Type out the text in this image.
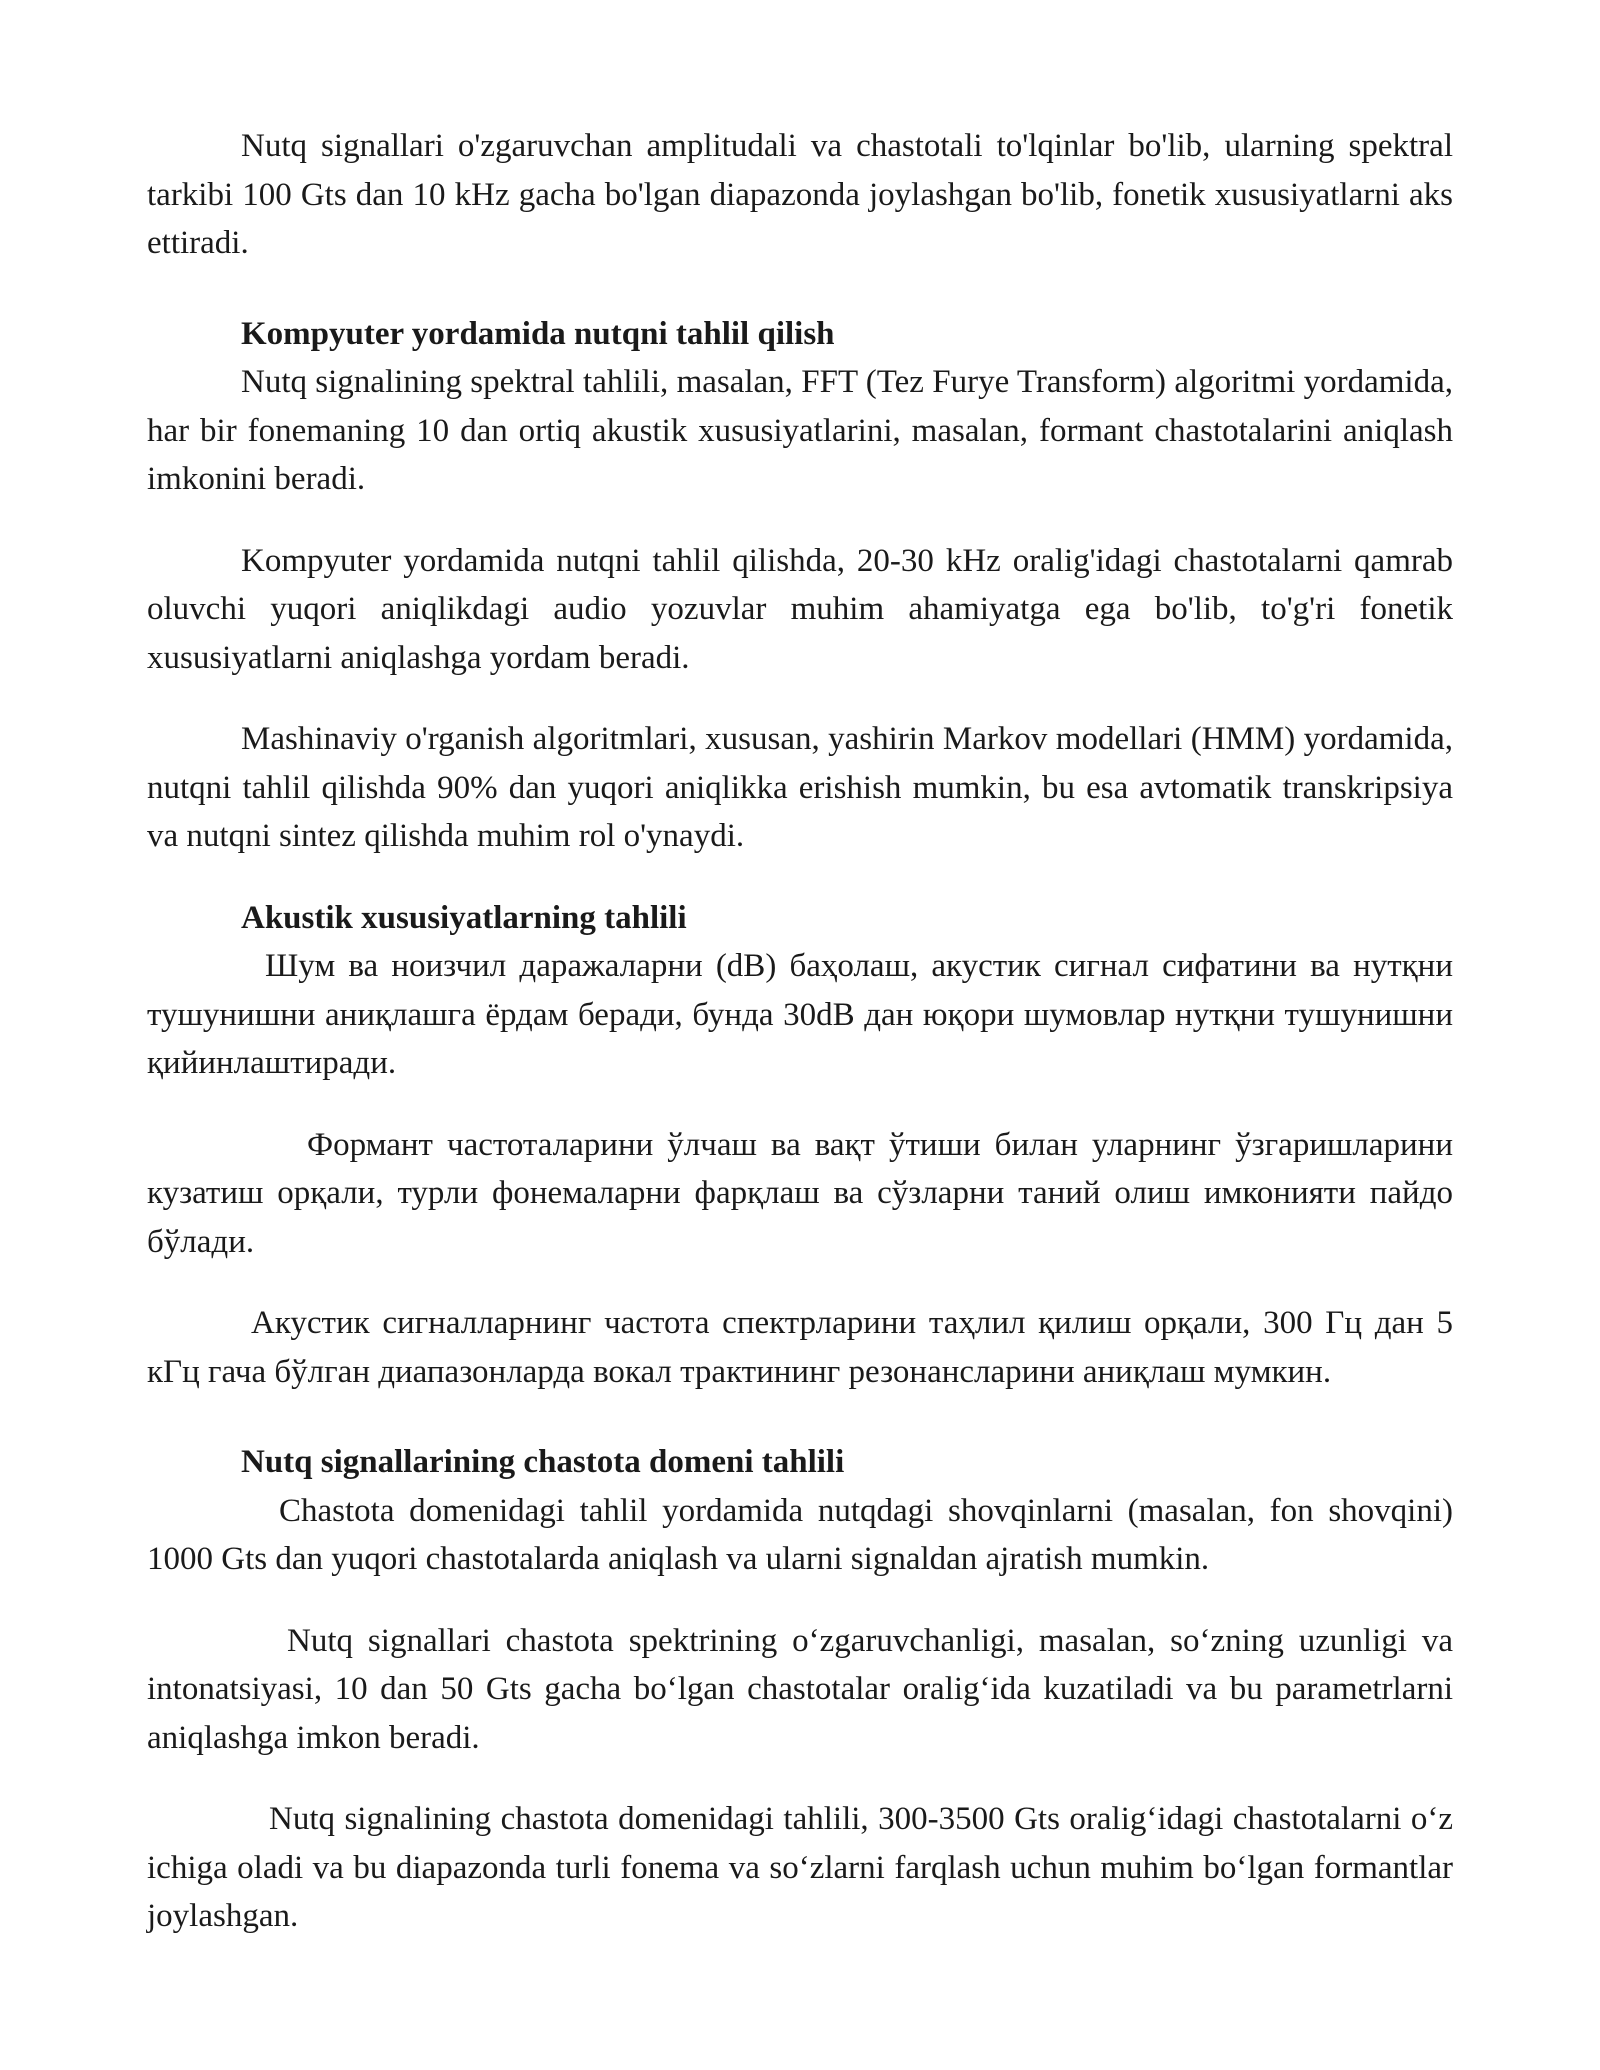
Nutq signallari o'zgaruvchan amplitudali va chastotali to'lqinlar bo'lib, ularning spektral tarkibi 100 Gts dan 10 kHz gacha bo'lgan diapazonda joylashgan bo'lib, fonetik xususiyatlarni aks ettiradi.

Kompyuter yordamida nutqni tahlil qilish

Nutq signalining spektral tahlili, masalan, FFT (Tez Furye Transform) algoritmi yordamida, har bir fonemaning 10 dan ortiq akustik xususiyatlarini, masalan, formant chastotalarini aniqlash imkonini beradi.

Kompyuter yordamida nutqni tahlil qilishda, 20-30 kHz oralig'idagi chastotalarni qamrab oluvchi yuqori aniqlikdagi audio yozuvlar muhim ahamiyatga ega bo'lib, to'g'ri fonetik xususiyatlarni aniqlashga yordam beradi.

Mashinaviy o'rganish algoritmlari, xususan, yashirin Markov modellari (HMM) yordamida, nutqni tahlil qilishda 90% dan yuqori aniqlikka erishish mumkin, bu esa avtomatik transkripsiya va nutqni sintez qilishda muhim rol o'ynaydi.

Akustik xususiyatlarning tahlili

Шум ва ноизчил даражаларни (dB) баҳолаш, акустик сигнал сифатини ва нутқни тушунишни аниқлашга ёрдам беради, бунда 30dB дан юқори шумовлар нутқни тушунишни қийинлаштиради.

Формант частоталарини ўлчаш ва вақт ўтиши билан уларнинг ўзгаришларини кузатиш орқали, турли фонемаларни фарқлаш ва сўзларни таний олиш имконияти пайдо бўлади.

Акустик сигналларнинг частота спектрларини таҳлил қилиш орқали, 300 Гц дан 5 кГц гача бўлган диапазонларда вокал трактининг резонансларини аниқлаш мумкин.

Nutq signallarining chastota domeni tahlili

Chastota domenidagi tahlil yordamida nutqdagi shovqinlarni (masalan, fon shovqini) 1000 Gts dan yuqori chastotalarda aniqlash va ularni signaldan ajratish mumkin.

Nutq signallari chastota spektrining oʻzgaruvchanligi, masalan, soʻzning uzunligi va intonatsiyasi, 10 dan 50 Gts gacha boʻlgan chastotalar oraligʻida kuzatiladi va bu parametrlarni aniqlashga imkon beradi.

Nutq signalining chastota domenidagi tahlili, 300-3500 Gts oraligʻidagi chastotalarni oʻz ichiga oladi va bu diapazonda turli fonema va soʻzlarni farqlash uchun muhim boʻlgan formantlar joylashgan.
